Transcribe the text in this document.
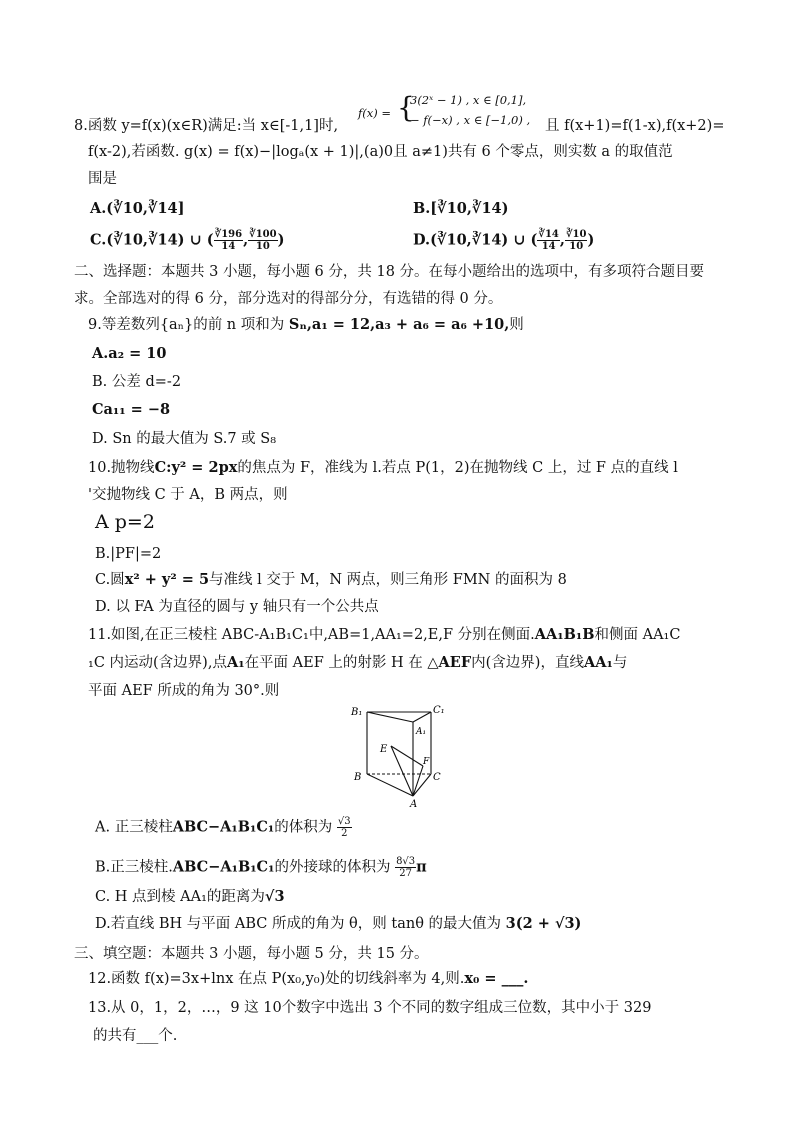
8.函数 y=f(x)(x∈R)满足:当 x∈[-1,1]时,
f(x) = {
3(2ˣ − 1) , x ∈ [0,1],
− f(−x) , x ∈ [−1,0) , 且 f(x+1)=f(1-x),f(x+2)=
f(x-2),若函数. g(x) = f(x)−|logₐ(x + 1)|,(a)0且 a≠1)共有 6 个零点，则实数 a 的取值范
围是
A.(∛10,∛14]	B.[∛10,∛14)
C.(∛10,∛14) ∪ ( $\frac{∛196}{14}$ , $\frac{∛100}{10}$ )	D.(∛10,∛14) ∪ ( $\frac{∛14}{14}$ , $\frac{∛10}{10}$ )
二、选择题：本题共 3 小题，每小题 6 分，共 18 分。在每小题给出的选项中，有多项符合题目要
求。全部选对的得 6 分，部分选对的得部分分，有选错的得 0 分。
9.等差数列{aₙ}的前 n 项和为 Sₙ,a₁ = 12,a₃ + a₆ = a₆ +10,则
A.a₂ = 10
B. 公差 d=-2
Ca₁₁ = −8
D. Sn 的最大值为 S.7 或 S₈
10.抛物线C:y² = 2px的焦点为 F，准线为 l.若点 P(1，2)在抛物线 C 上，过 F 点的直线 l
'交抛物线 C 于 A，B 两点，则
A p=2
B.|PF|=2
C.圆x² + y² = 5与准线 l 交于 M，N 两点，则三角形 FMN 的面积为 8
D. 以 FA 为直径的圆与 y 轴只有一个公共点
11.如图,在正三棱柱 ABC-A₁B₁C₁中,AB=1,AA₁=2,E,F 分别在侧面.AA₁B₁B和侧面 AA₁C
₁C 内运动(含边界),点A₁在平面 AEF 上的射影 H 在 △AEF内(含边界)，直线AA₁与
平面 AEF 所成的角为 30°.则
B₁	C₁
A₁
E
F
B	C
A
A. 正三棱柱ABC−A₁B₁C₁的体积为 $\frac{√3}{2}$
B.正三棱柱.ABC−A₁B₁C₁的外接球的体积为 $\frac{8√3}{27}$ π
C. H 点到棱 AA₁的距离为√3
D.若直线 BH 与平面 ABC 所成的角为 θ，则 tanθ 的最大值为 3(2 + √3)
三、填空题：本题共 3 小题，每小题 5 分，共 15 分。
12.函数 f(x)=3x+lnx 在点 P(x₀,y₀)处的切线斜率为 4,则.x₀ = ___.
13.从 0，1，2，…，9 这 10个数字中选出 3 个不同的数字组成三位数，其中小于 329
的共有___个.
